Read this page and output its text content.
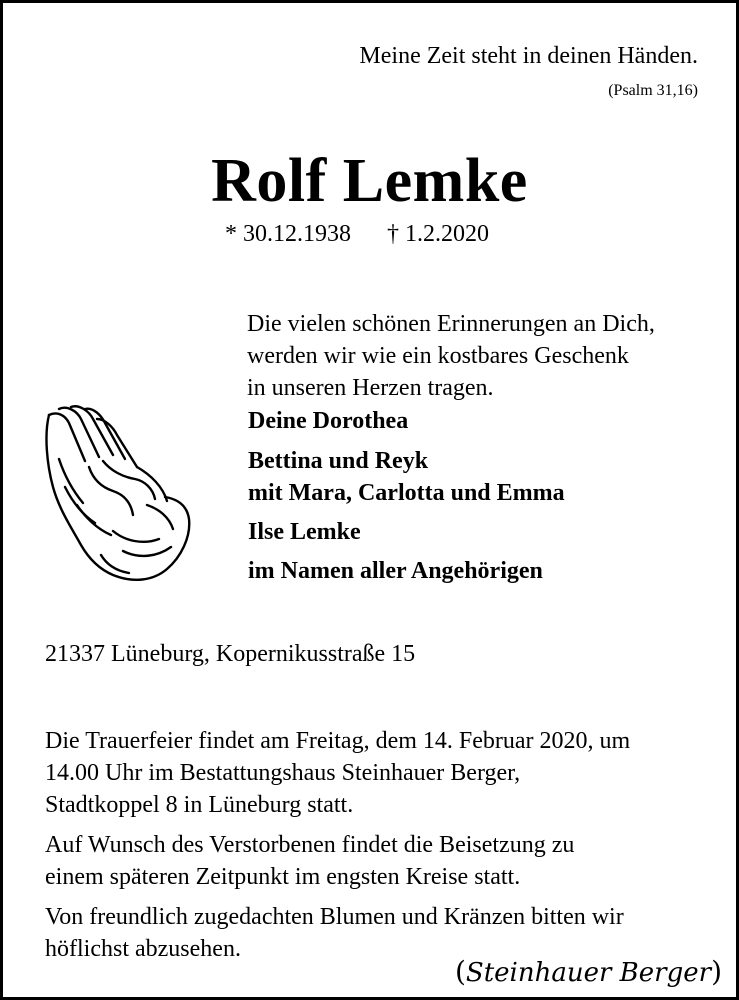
Meine Zeit steht in deinen Händen.

(Psalm 31,16)

Rolf Lemke

* 30.12.1938 † 1.2.2020

Die vielen schönen Erinnerungen an Dich,
werden wir wie ein kostbares Geschenk
in unseren Herzen tragen.

Deine Dorothea

Bettina und Reyk

mit Mara, Carlotta und Emma

Ilse Lemke

im Namen aller Angehörigen

21337 Lüneburg, Kopernikusstraße 15

Die Trauerfeier findet am Freitag, dem 14. Februar 2020, um
14.00 Uhr im Bestattungshaus Steinhauer Berger,
Stadtkoppel 8 in Lüneburg statt.
Auf Wunsch des Verstorbenen findet die Beisetzung zu
einem späteren Zeitpunkt im engsten Kreise statt.
Von freundlich zugedachten Blumen und Kränzen bitten wir
höflichst abzusehen.

(Steinhauer Berger)
